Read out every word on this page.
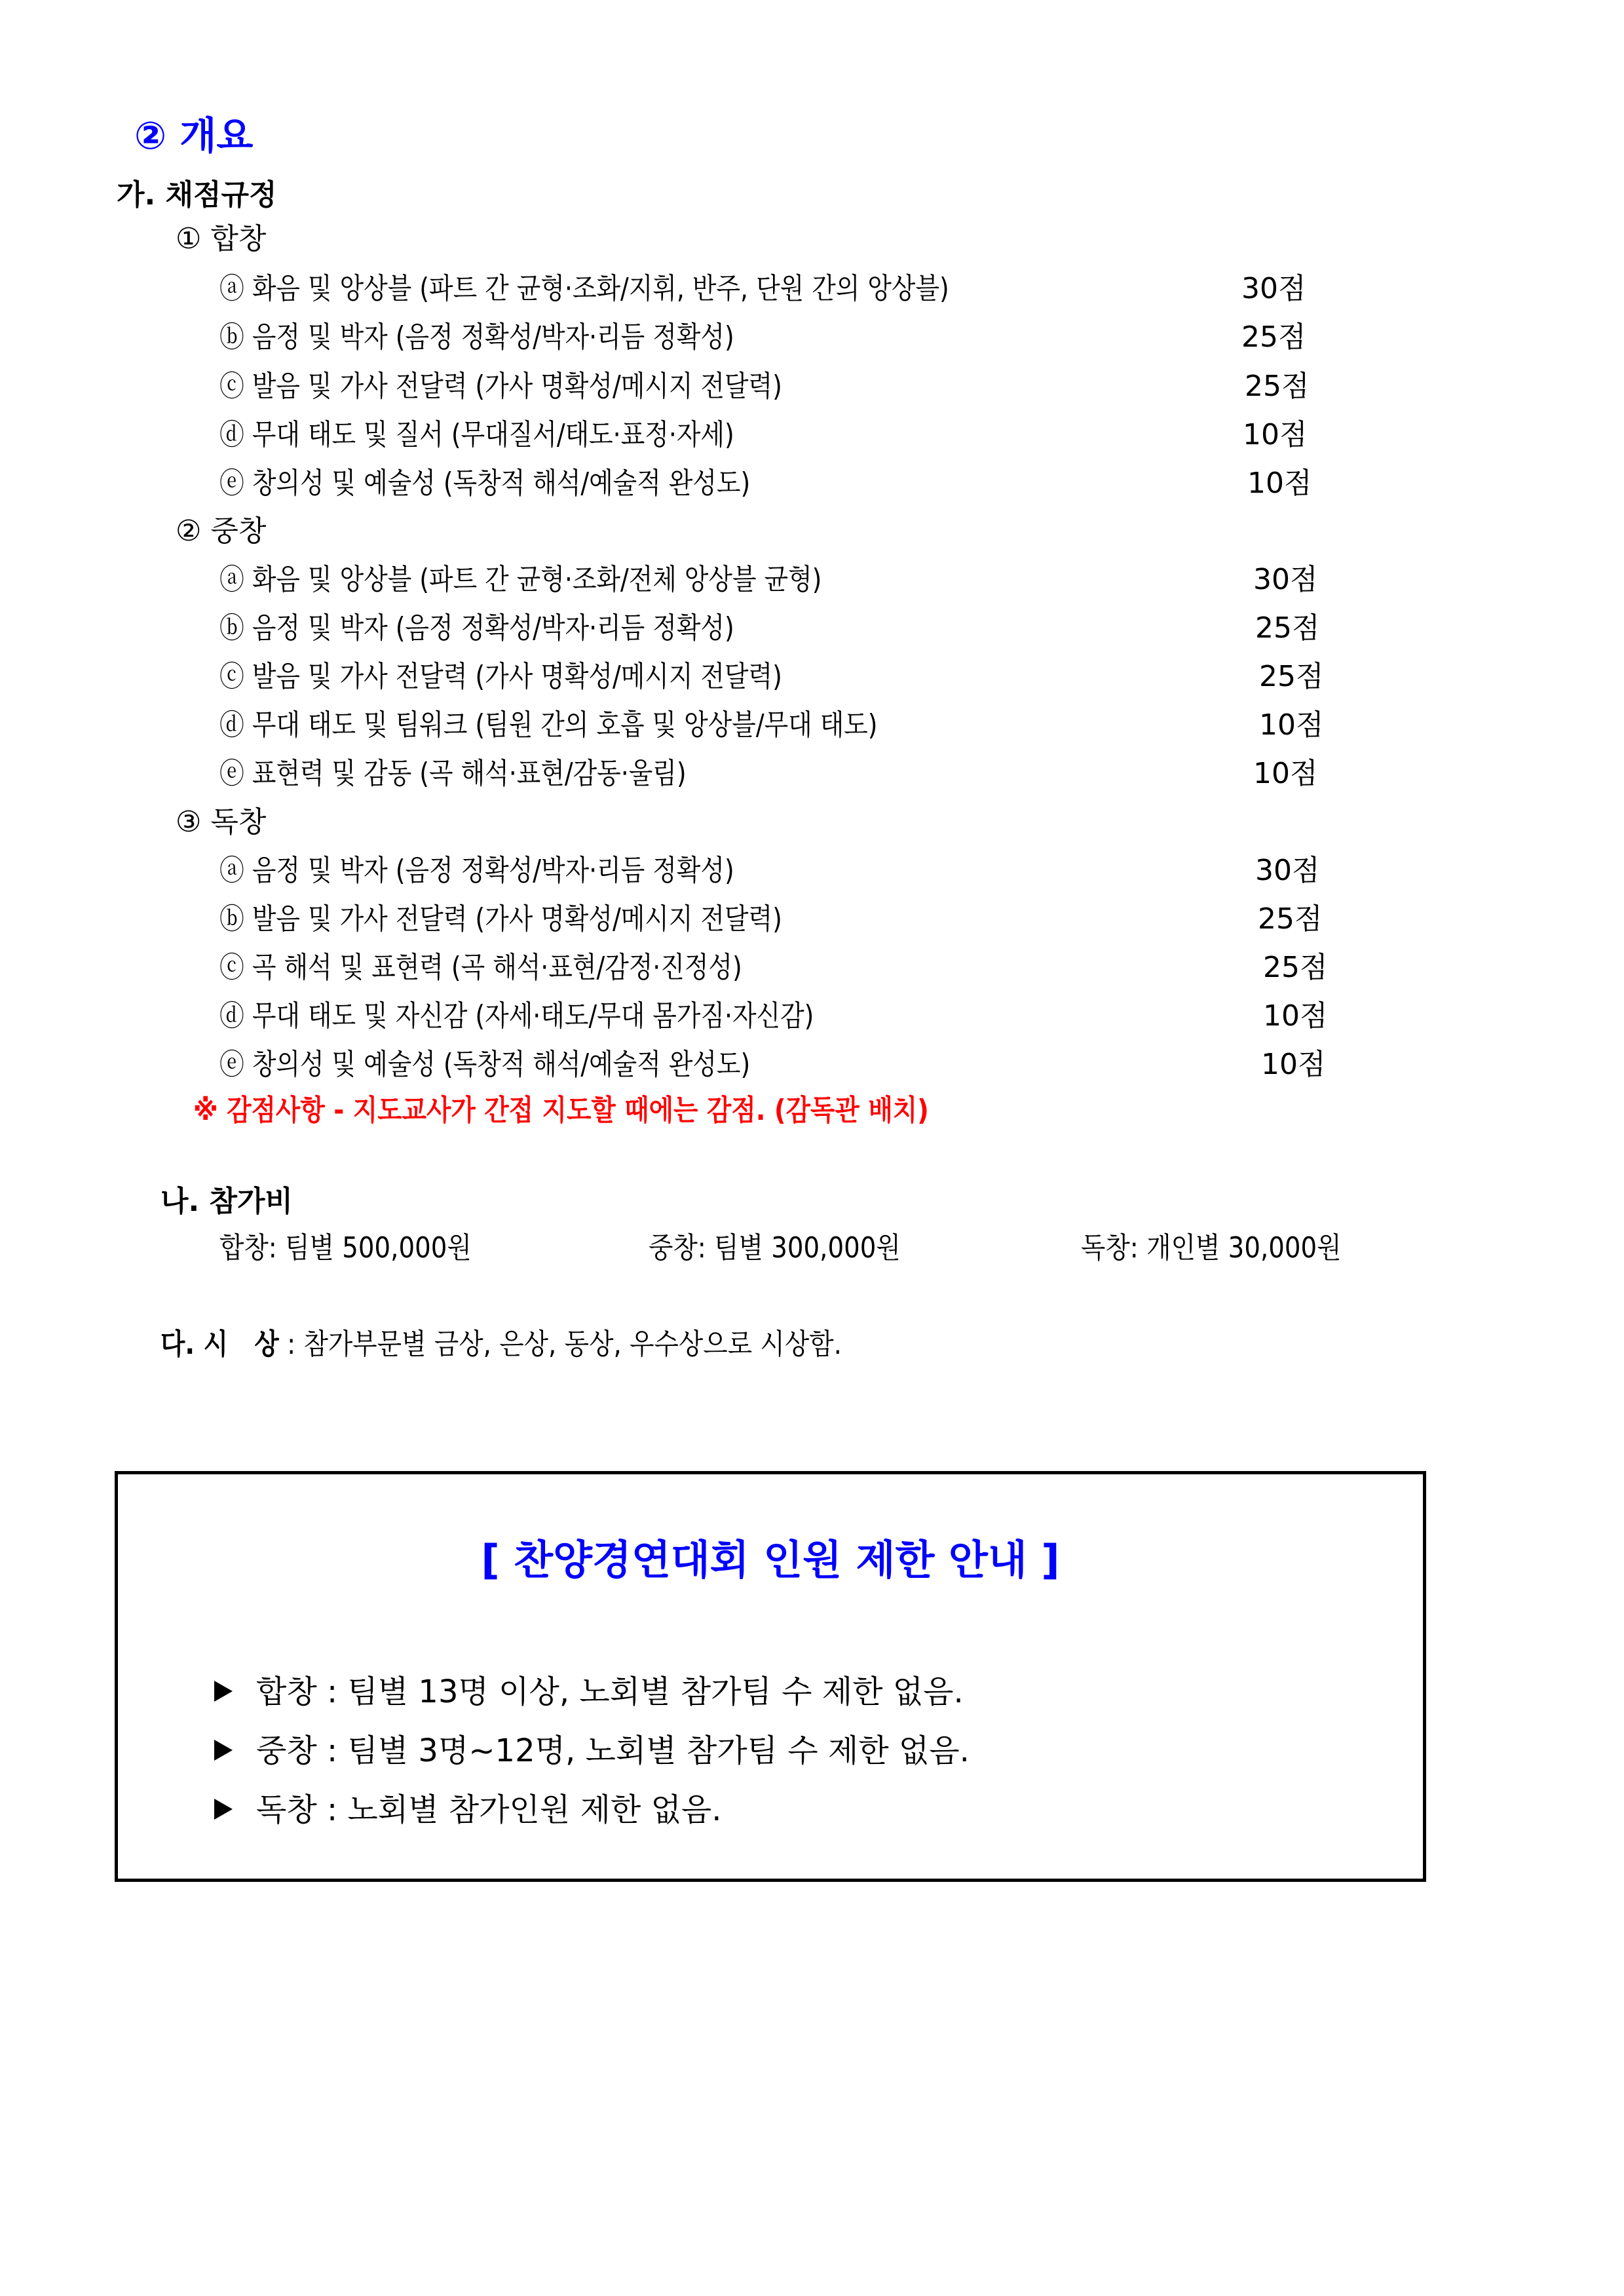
② 개요
가. 채점규정
① 합창
ⓐ 화음 및 앙상블 (파트 간 균형·조화/지휘, 반주, 단원 간의 앙상블)	30점
ⓑ 음정 및 박자 (음정 정확성/박자·리듬 정확성)	25점
ⓒ 발음 및 가사 전달력 (가사 명확성/메시지 전달력)	25점
ⓓ 무대 태도 및 질서 (무대질서/태도·표정·자세)	10점
ⓔ 창의성 및 예술성 (독창적 해석/예술적 완성도)	10점
② 중창
ⓐ 화음 및 앙상블 (파트 간 균형·조화/전체 앙상블 균형)	30점
ⓑ 음정 및 박자 (음정 정확성/박자·리듬 정확성)	25점
ⓒ 발음 및 가사 전달력 (가사 명확성/메시지 전달력)	25점
ⓓ 무대 태도 및 팀워크 (팀원 간의 호흡 및 앙상블/무대 태도)	10점
ⓔ 표현력 및 감동 (곡 해석·표현/감동·울림)	10점
③ 독창
ⓐ 음정 및 박자 (음정 정확성/박자·리듬 정확성)	30점
ⓑ 발음 및 가사 전달력 (가사 명확성/메시지 전달력)	25점
ⓒ 곡 해석 및 표현력 (곡 해석·표현/감정·진정성)	25점
ⓓ 무대 태도 및 자신감 (자세·태도/무대 몸가짐·자신감)	10점
ⓔ 창의성 및 예술성 (독창적 해석/예술적 완성도)	10점
※ 감점사항 - 지도교사가 간접 지도할 때에는 감점. (감독관 배치)
나. 참가비
합창: 팀별 500,000원	중창: 팀별 300,000원	독창: 개인별 30,000원
다. 시   상 : 참가부문별 금상, 은상, 동상, 우수상으로 시상함.
[ 찬양경연대회 인원 제한 안내 ]
합창 : 팀별 13명 이상, 노회별 참가팀 수 제한 없음.
중창 : 팀별 3명~12명, 노회별 참가팀 수 제한 없음.
독창 : 노회별 참가인원 제한 없음.
